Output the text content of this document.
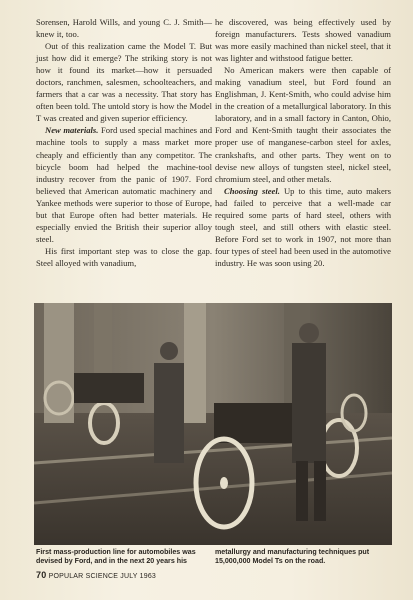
Sorensen, Harold Wills, and young C. J. Smith—knew it, too.

Out of this realization came the Model T. But just how did it emerge? The striking story is not how it found its market—how it persuaded doctors, ranchmen, salesmen, schoolteachers, and farmers that a car was a necessity. That story has often been told. The untold story is how the Model T was created and given superior efficiency.

New materials. Ford used special machines and machine tools to supply a mass market more cheaply and efficiently than any competitor. The bicycle boom had helped the machine-tool industry recover from the panic of 1907. Ford believed that American automatic machinery and Yankee methods were superior to those of Europe, but that Europe often had better materials. He especially envied the British their superior alloy steel.

His first important step was to close the gap. Steel alloyed with vanadium,

he discovered, was being effectively used by foreign manufacturers. Tests showed vanadium was more easily machined than nickel steel, that it was lighter and withstood fatigue better.

No American makers were then capable of making vanadium steel, but Ford found an Englishman, J. Kent-Smith, who could advise him in the creation of a metallurgical laboratory. In this laboratory, and in a small factory in Canton, Ohio, Ford and Kent-Smith taught their associates the proper use of manganese-carbon steel for axles, crankshafts, and other parts. They went on to devise new alloys of tungsten steel, nickel steel, chromium steel, and other metals.

Choosing steel. Up to this time, auto makers had failed to perceive that a well-made car required some parts of hard steel, others with tough steel, and still others with elastic steel. Before Ford set to work in 1907, not more than four types of steel had been used in the automotive industry. He was soon using 20.

First mass-production line for automobiles was devised by Ford, and in the next 20 years his
metallurgy and manufacturing techniques put 15,000,000 Model Ts on the road.
70 POPULAR SCIENCE JULY 1963
